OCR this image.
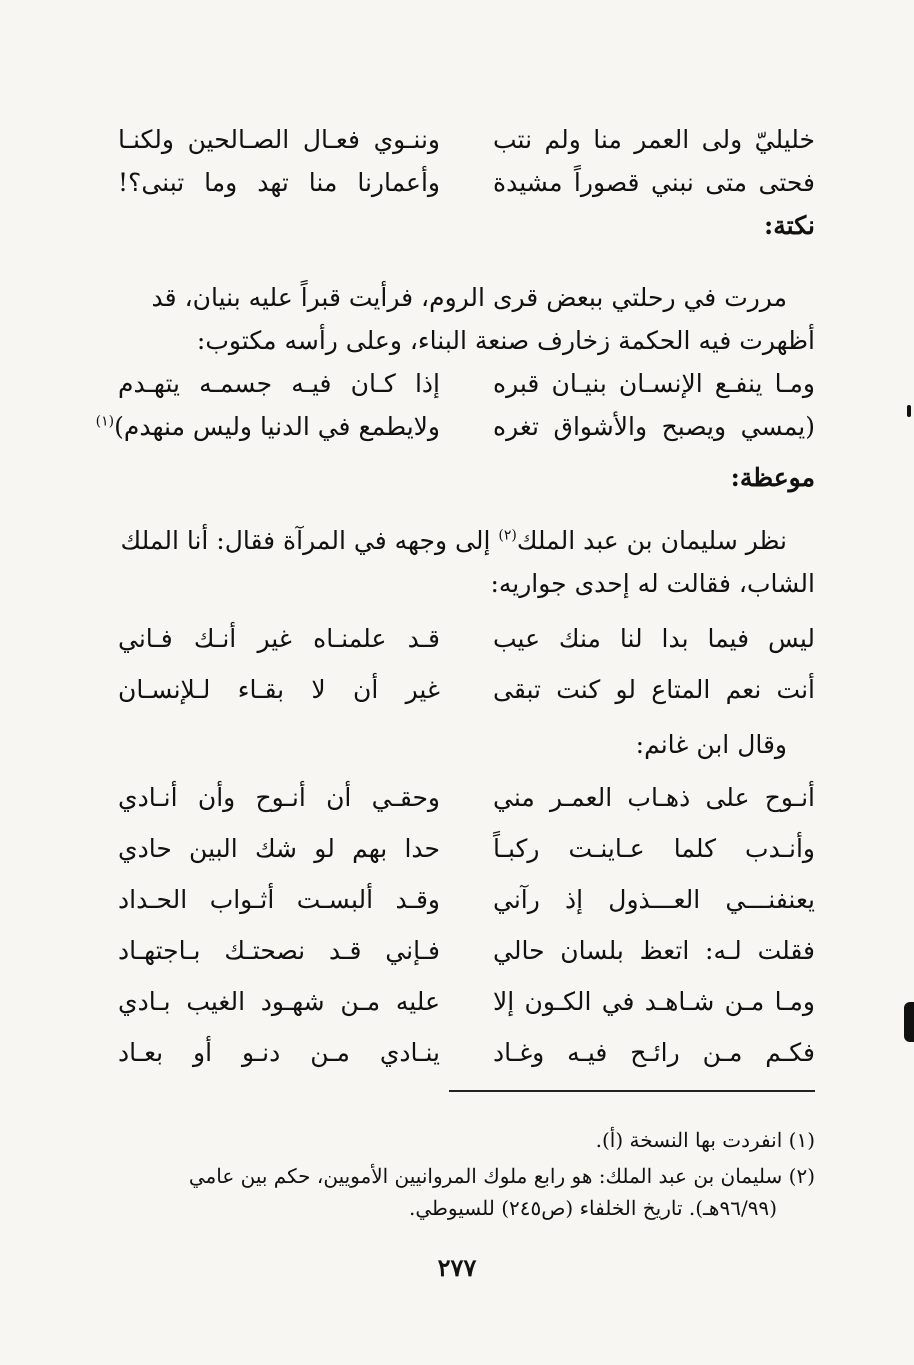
خليليّ ولى العمر منا ولم نتب
وننـوي فعـال الصـالحين ولكنـا
فحتى متى نبني قصوراً مشيدة
وأعمارنا منا تهد وما تبنى؟!
نكتة:
مررت في رحلتي ببعض قرى الروم، فرأيت قبراً عليه بنيان، قد
أظهرت فيه الحكمة زخارف صنعة البناء، وعلى رأسه مكتوب:
ومـا ينفـع الإنسـان بنيـان قبره
إذا كـان فيـه جسمـه يتهـدم
(يمسي ويصبح والأشواق تغره
ولايطمع في الدنيا وليس منهدم)$^{(١)}$
موعظة:
نظر سليمان بن عبد الملك$^{(٢)}$ إلى وجهه في المرآة فقال: أنا الملك
الشاب، فقالت له إحدى جواريه:
ليس فيما بدا لنا منك عيب
قـد علمنـاه غير أنـك فـاني
أنت نعم المتاع لو كنت تبقى
غير أن لا بقـاء لـلإنسـان
وقال ابن غانم:
أنـوح على ذهـاب العمـر مني
وحقـي أن أنـوح وأن أنـادي
وأنـدب كلما عـاينـت ركبـاً
حدا بهم لو شك البين حادي
يعنفنـــي العـــذول إذ رآني
وقـد ألبسـت أثـواب الحـداد
فقلت لـه: اتعظ بلسان حالي
فـإني قـد نصحتـك بـاجتهـاد
ومـا مـن شـاهـد في الكـون إلا
عليه مـن شهـود الغيب بـادي
فكـم مـن رائـح فيـه وغـاد
ينـادي مـن دنـو أو بعـاد

(١) انفردت بها النسخة (أ).

(٢) سليمان بن عبد الملك: هو رابع ملوك المروانيين الأمويين، حكم بين عامي
(٩٦/٩٩هـ). تاريخ الخلفاء (ص٢٤٥) للسيوطي.

٢٧٧
